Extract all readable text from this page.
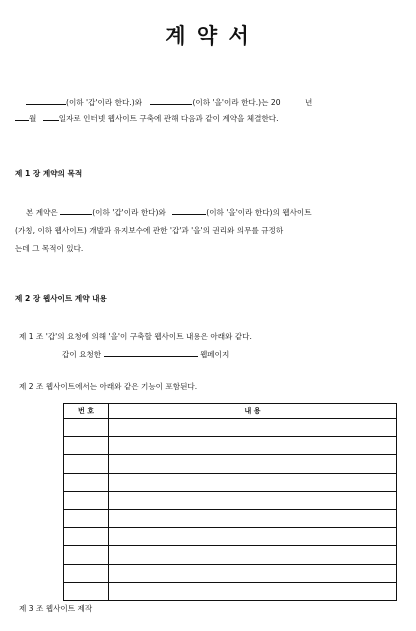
계 약 서
(이하 '갑'이라 한다.)와	(이하 '을'이라 한다.)는 20	년
월	일자로 인터넷 웹사이트 구축에 관해 다음과 같이 계약을 체결한다.
제 1 장 계약의 목적
본 계약은	(이하 '갑'이라 한다)와	(이하 '을'이라 한다)의 웹사이트
(가칭, 이하 웹사이트) 개발과 유지보수에 관한 '갑'과 '을'의 권리와 의무를 규정하
는데 그 목적이 있다.
제 2 장 웹사이트 계약 내용
제 1 조 '갑'의 요청에 의해 '을'이 구축할 웹사이트 내용은 아래와 같다.
갑이 요청한	웹페이지
제 2 조 웹사이트에서는 아래와 같은 기능이 포함된다.
번 호	내 용

제 3 조 웹사이트 제작
